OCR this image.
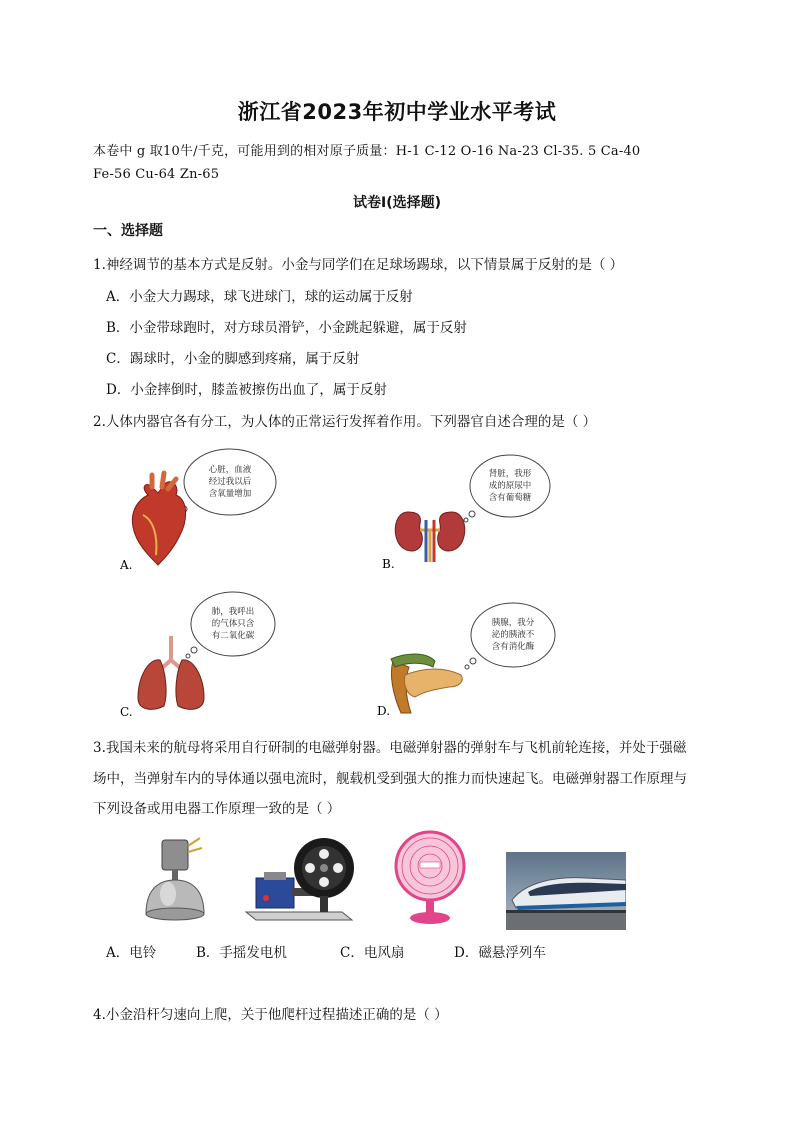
浙江省2023年初中学业水平考试
本卷中 g 取10牛/千克，可能用到的相对原子质量：H-1 C-12 O-16 Na-23 Cl-35. 5 Ca-40
Fe-56 Cu-64 Zn-65
试卷Ⅰ(选择题)
一、选择题
1.神经调节的基本方式是反射。小金与同学们在足球场踢球，以下情景属于反射的是（ ）
A．小金大力踢球，球飞进球门，球的运动属于反射
B．小金带球跑时，对方球员滑铲，小金跳起躲避，属于反射
C．踢球时，小金的脚感到疼痛，属于反射
D．小金摔倒时，膝盖被擦伤出血了，属于反射
2.人体内器官各有分工，为人体的正常运行发挥着作用。下列器官自述合理的是（ ）
心脏，血液
经过我以后
含氧量增加
A.
肾脏，我形
成的原尿中
含有葡萄糖
B.
肺，我呼出
的气体只含
有二氧化碳
C.
胰腺，我分
泌的胰液不
含有消化酶
D.
3.我国未来的航母将采用自行研制的电磁弹射器。电磁弹射器的弹射车与飞机前轮连接，并处于强磁
场中，当弹射车内的导体通以强电流时，舰载机受到强大的推力而快速起飞。电磁弹射器工作原理与
下列设备或用电器工作原理一致的是（ ）
A．电铃	B．手摇发电机	C．电风扇	D．磁悬浮列车
4.小金沿杆匀速向上爬，关于他爬杆过程描述正确的是（ ）
